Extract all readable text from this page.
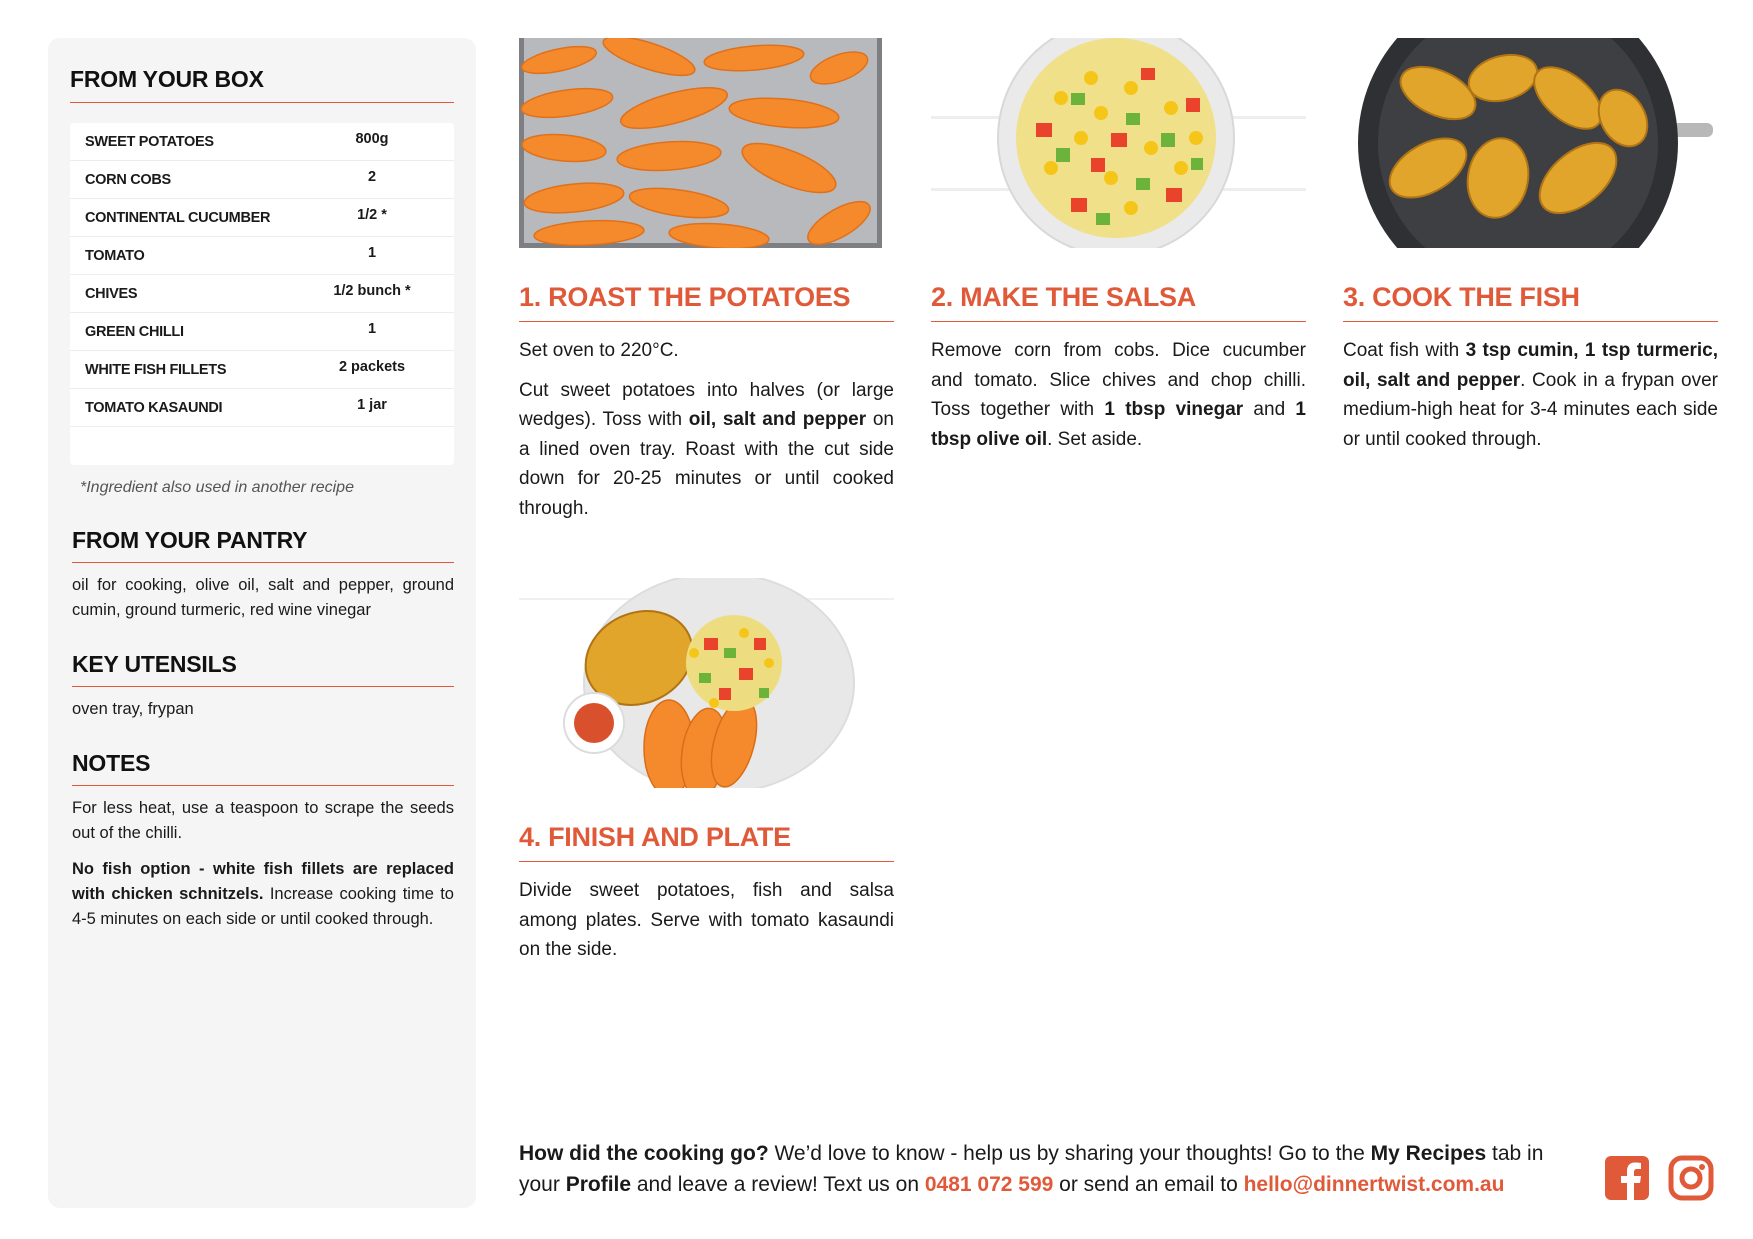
FROM YOUR BOX
SWEET POTATOES	800g
CORN COBS	2
CONTINENTAL CUCUMBER	1/2 *
TOMATO	1
CHIVES	1/2 bunch *
GREEN CHILLI	1
WHITE FISH FILLETS	2 packets
TOMATO KASAUNDI	1 jar
*Ingredient also used in another recipe
FROM YOUR PANTRY

oil for cooking, olive oil, salt and pepper, ground cumin, ground turmeric, red wine vinegar

KEY UTENSILS

oven tray, frypan

NOTES

For less heat, use a teaspoon to scrape the seeds out of the chilli.

No fish option - white fish fillets are replaced with chicken schnitzels. Increase cooking time to 4-5 minutes on each side or until cooked through.

1. ROAST THE POTATOES

Set oven to 220°C.

Cut sweet potatoes into halves (or large wedges). Toss with oil, salt and pepper on a lined oven tray. Roast with the cut side down for 20-25 minutes or until cooked through.

2. MAKE THE SALSA

Remove corn from cobs. Dice cucumber and tomato. Slice chives and chop chilli. Toss together with 1 tbsp vinegar and 1 tbsp olive oil. Set aside.

3. COOK THE FISH

Coat fish with 3 tsp cumin, 1 tsp turmeric, oil, salt and pepper. Cook in a frypan over medium-high heat for 3-4 minutes each side or until cooked through.

4. FINISH AND PLATE

Divide sweet potatoes, fish and salsa among plates. Serve with tomato kasaundi on the side.

How did the cooking go? We’d love to know - help us by sharing your thoughts! Go to the My Recipes tab in your Profile and leave a review! Text us on 0481 072 599 or send an email to hello@dinnertwist.com.au
